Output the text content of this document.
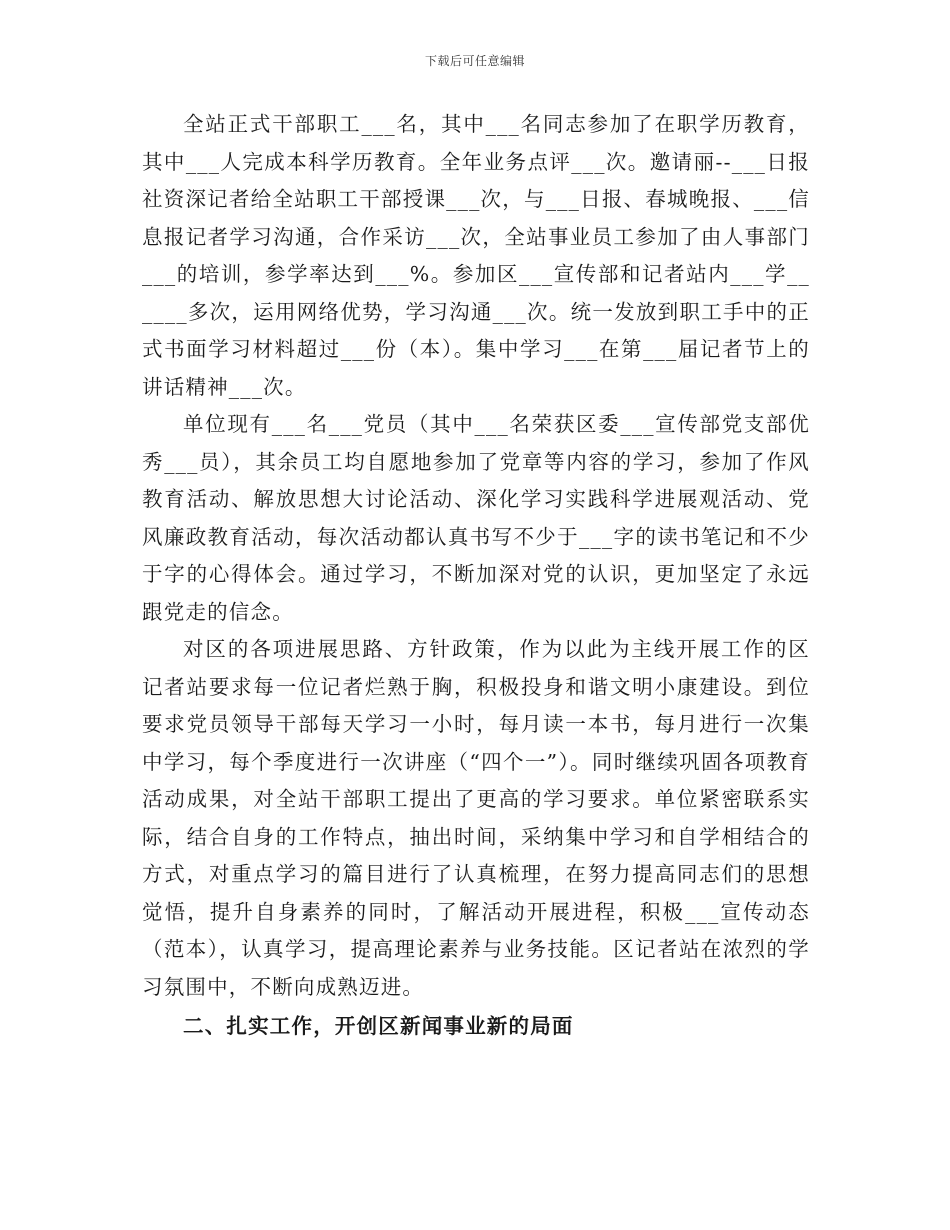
下载后可任意编辑

全站正式干部职工___名，其中___名同志参加了在职学历教育，其中___人完成本科学历教育。全年业务点评___次。邀请丽--___日报社资深记者给全站职工干部授课___次，与___日报、春城晚报、___信息报记者学习沟通，合作采访___次，全站事业员工参加了由人事部门___的培训，参学率达到___%。参加区___宣传部和记者站内___学______多次，运用网络优势，学习沟通___次。统一发放到职工手中的正式书面学习材料超过___份（本）。集中学习___在第___届记者节上的讲话精神___次。

单位现有___名___党员（其中___名荣获区委___宣传部党支部优秀___员），其余员工均自愿地参加了党章等内容的学习，参加了作风教育活动、解放思想大讨论活动、深化学习实践科学进展观活动、党风廉政教育活动，每次活动都认真书写不少于___字的读书笔记和不少于字的心得体会。通过学习，不断加深对党的认识，更加坚定了永远跟党走的信念。

对区的各项进展思路、方针政策，作为以此为主线开展工作的区记者站要求每一位记者烂熟于胸，积极投身和谐文明小康建设。到位要求党员领导干部每天学习一小时，每月读一本书，每月进行一次集中学习，每个季度进行一次讲座（“四个一”）。同时继续巩固各项教育活动成果，对全站干部职工提出了更高的学习要求。单位紧密联系实际，结合自身的工作特点，抽出时间，采纳集中学习和自学相结合的方式，对重点学习的篇目进行了认真梳理，在努力提高同志们的思想觉悟，提升自身素养的同时，了解活动开展进程，积极___宣传动态（范本），认真学习，提高理论素养与业务技能。区记者站在浓烈的学习氛围中，不断向成熟迈进。

二、扎实工作，开创区新闻事业新的局面
